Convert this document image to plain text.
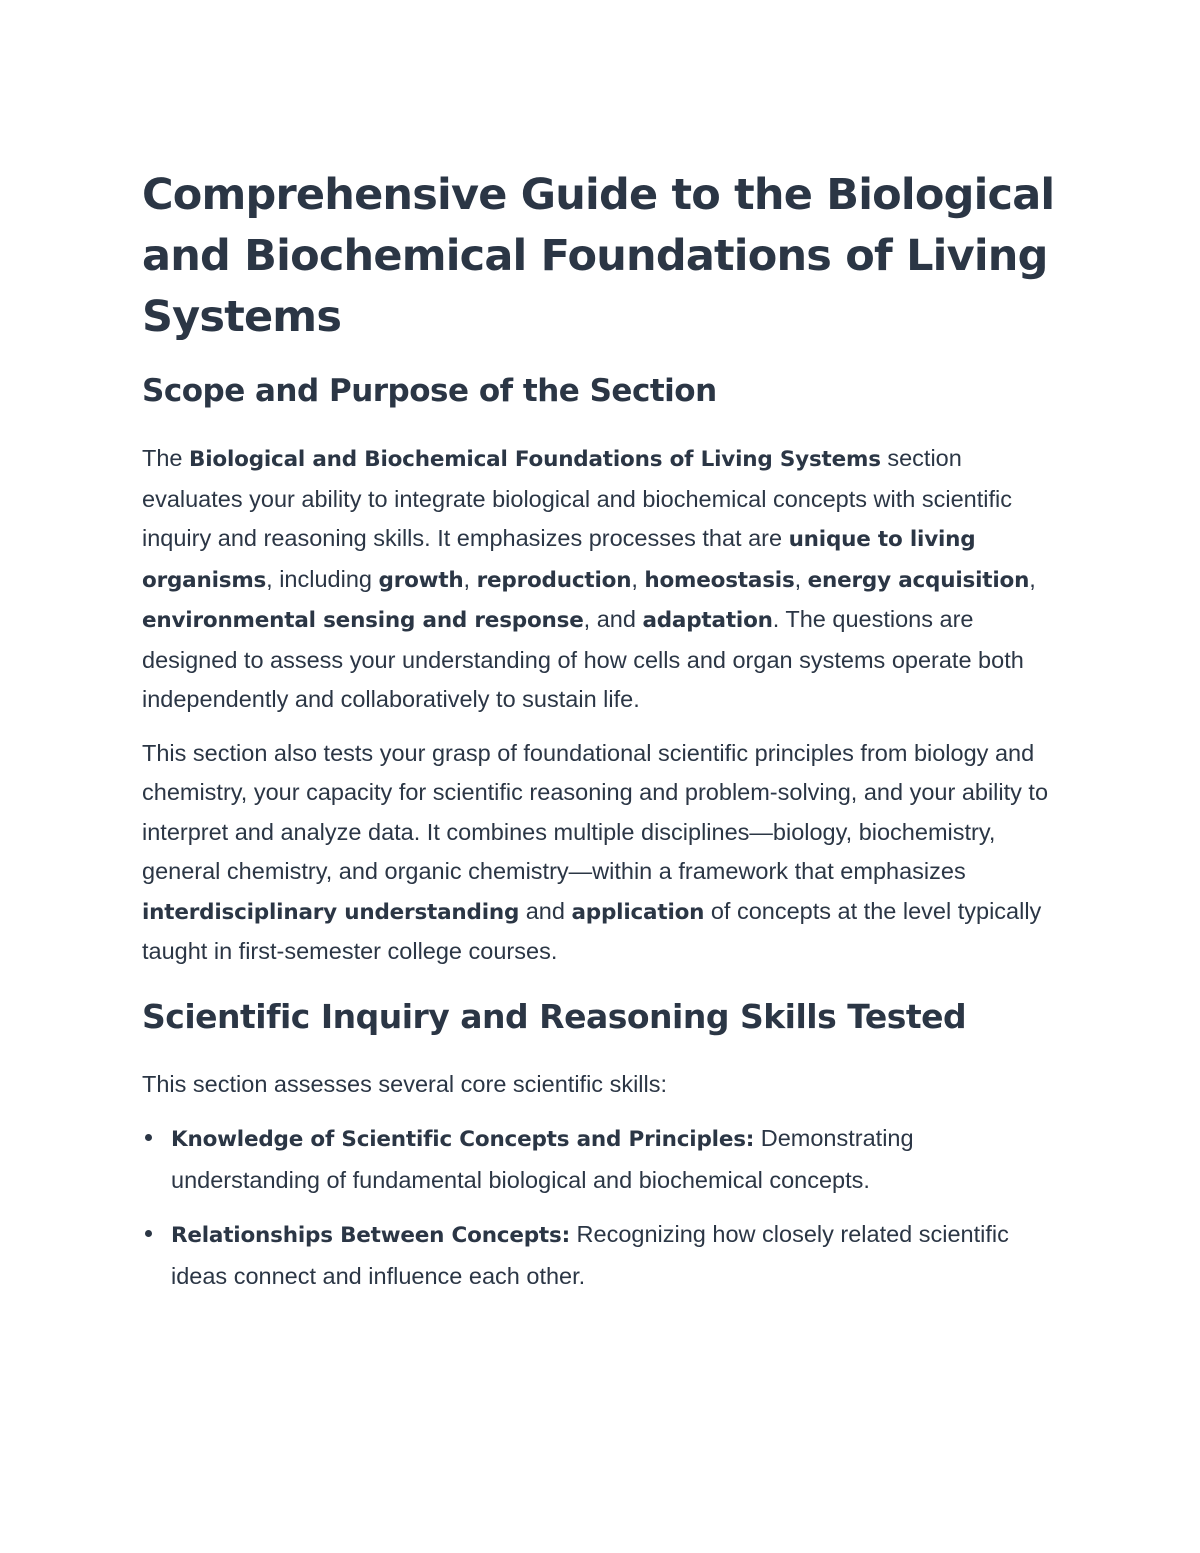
Comprehensive Guide to the Biological and Biochemical Foundations of Living Systems
Scope and Purpose of the Section

The Biological and Biochemical Foundations of Living Systems section evaluates your ability to integrate biological and biochemical concepts with scientific inquiry and reasoning skills. It emphasizes processes that are unique to living organisms, including growth, reproduction, homeostasis, energy acquisition, environmental sensing and response, and adaptation. The questions are designed to assess your understanding of how cells and organ systems operate both independently and collaboratively to sustain life.

This section also tests your grasp of foundational scientific principles from biology and chemistry, your capacity for scientific reasoning and problem-solving, and your ability to interpret and analyze data. It combines multiple disciplines—biology, biochemistry, general chemistry, and organic chemistry—within a framework that emphasizes interdisciplinary understanding and application of concepts at the level typically taught in first-semester college courses.

Scientific Inquiry and Reasoning Skills Tested

This section assesses several core scientific skills:

Knowledge of Scientific Concepts and Principles: Demonstrating understanding of fundamental biological and biochemical concepts.
Relationships Between Concepts: Recognizing how closely related scientific ideas connect and influence each other.
